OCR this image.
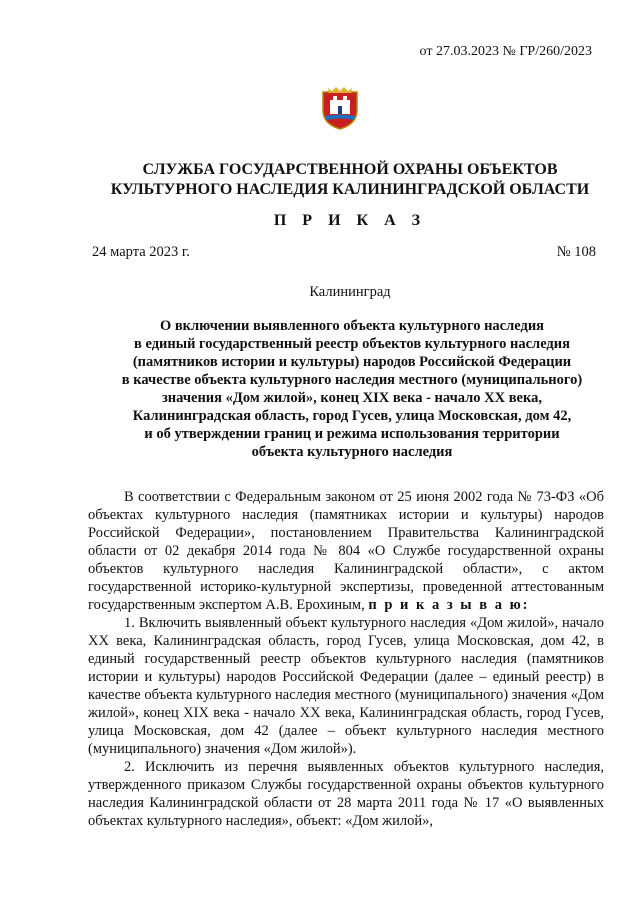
от 27.03.2023 № ГР/260/2023
СЛУЖБА ГОСУДАРСТВЕННОЙ ОХРАНЫ ОБЪЕКТОВ
КУЛЬТУРНОГО НАСЛЕДИЯ КАЛИНИНГРАДСКОЙ ОБЛАСТИ
П Р И К А З
24 марта 2023 г.	№ 108
Калининград
О включении выявленного объекта культурного наследия
в единый государственный реестр объектов культурного наследия
(памятников истории и культуры) народов Российской Федерации
в качестве объекта культурного наследия местного (муниципального)
значения «Дом жилой», конец XIX века - начало XX века,
Калининградская область, город Гусев, улица Московская, дом 42,
и об утверждении границ и режима использования территории
объекта культурного наследия

В соответствии с Федеральным законом от 25 июня 2002 года № 73-ФЗ «Об объектах культурного наследия (памятниках истории и культуры) народов Российской Федерации», постановлением Правительства Калининградской области от 02 декабря 2014 года № 804 «О Службе государственной охраны объектов культурного наследия Калининградской области», с актом государственной историко-культурной экспертизы, проведенной аттестованным государственным экспертом А.В. Ерохиным, п р и к а з ы в а ю:

1. Включить выявленный объект культурного наследия «Дом жилой», начало XX века, Калининградская область, город Гусев, улица Московская, дом 42, в единый государственный реестр объектов культурного наследия (памятников истории и культуры) народов Российской Федерации (далее – единый реестр) в качестве объекта культурного наследия местного (муниципального) значения «Дом жилой», конец XIX века - начало XX века, Калининградская область, город Гусев, улица Московская, дом 42 (далее – объект культурного наследия местного (муниципального) значения «Дом жилой»).

2. Исключить из перечня выявленных объектов культурного наследия, утвержденного приказом Службы государственной охраны объектов культурного наследия Калининградской области от 28 марта 2011 года № 17 «О выявленных объектах культурного наследия», объект: «Дом жилой»,
